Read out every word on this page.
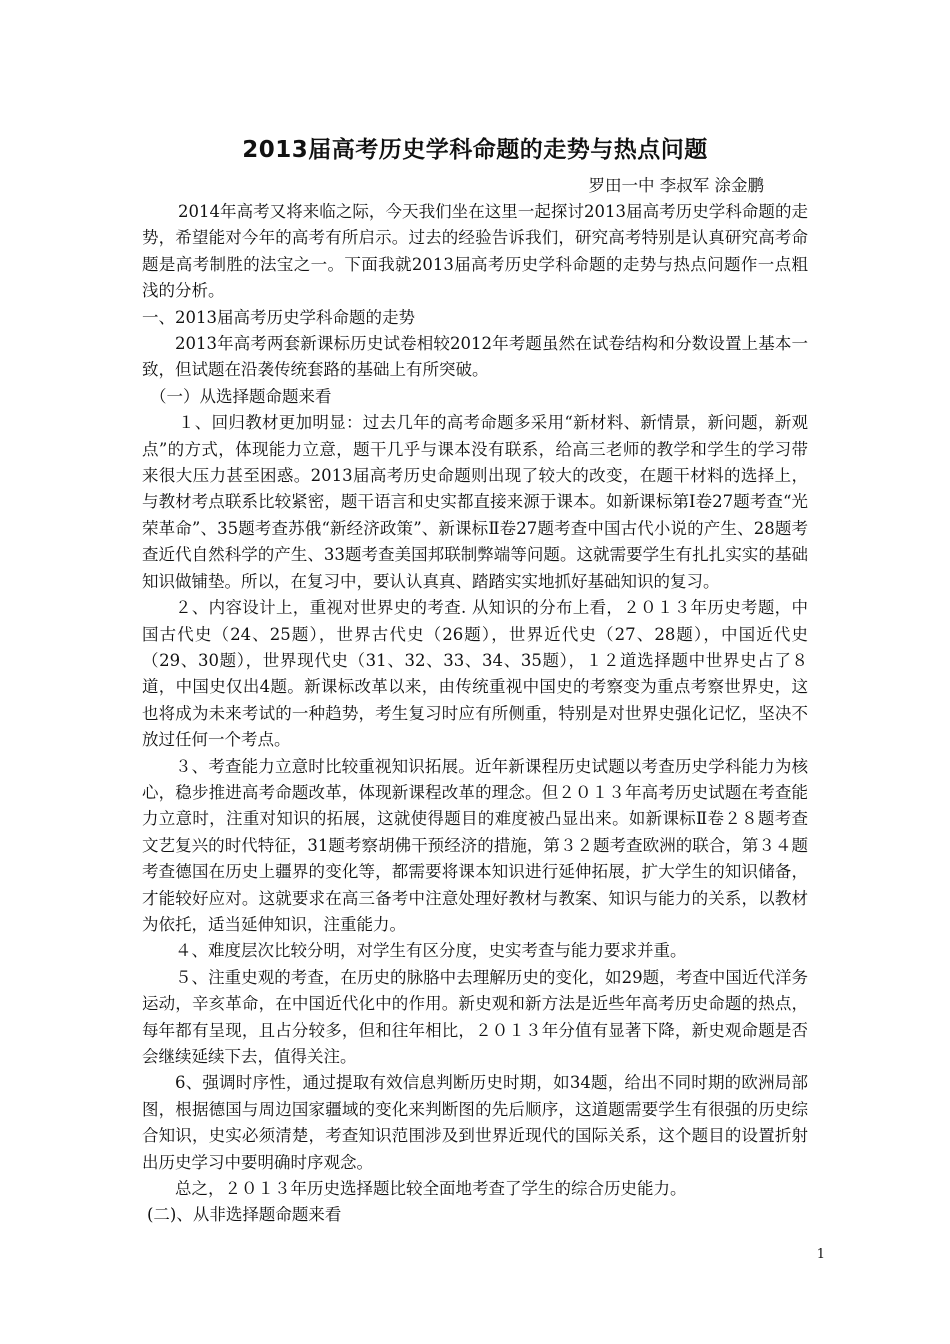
2013届高考历史学科命题的走势与热点问题

罗田一中 李叔军 涂金鹏

2014年高考又将来临之际，今天我们坐在这里一起探讨2013届高考历史学科命题的走势，希望能对今年的高考有所启示。过去的经验告诉我们，研究高考特别是认真研究高考命题是高考制胜的法宝之一。下面我就2013届高考历史学科命题的走势与热点问题作一点粗浅的分析。

一、2013届高考历史学科命题的走势

2013年高考两套新课标历史试卷相较2012年考题虽然在试卷结构和分数设置上基本一致，但试题在沿袭传统套路的基础上有所突破。

（一）从选择题命题来看

１、回归教材更加明显：过去几年的高考命题多采用“新材料、新情景，新问题，新观点”的方式，体现能力立意，题干几乎与课本没有联系，给高三老师的教学和学生的学习带来很大压力甚至困惑。2013届高考历史命题则出现了较大的改变，在题干材料的选择上，与教材考点联系比较紧密，题干语言和史实都直接来源于课本。如新课标第Ⅰ卷27题考查“光荣革命”、35题考查苏俄“新经济政策”、新课标Ⅱ卷27题考查中国古代小说的产生、28题考查近代自然科学的产生、33题考查美国邦联制弊端等问题。这就需要学生有扎扎实实的基础知识做铺垫。所以，在复习中，要认认真真、踏踏实实地抓好基础知识的复习。

２、内容设计上，重视对世界史的考查. 从知识的分布上看，２０１３年历史考题，中国古代史（24、25题），世界古代史（26题），世界近代史（27、28题），中国近代史（29、30题），世界现代史（31、32、33、34、35题），１２道选择题中世界史占了８道，中国史仅出4题。新课标改革以来，由传统重视中国史的考察变为重点考察世界史，这也将成为未来考试的一种趋势，考生复习时应有所侧重，特别是对世界史强化记忆，坚决不放过任何一个考点。

３、考查能力立意时比较重视知识拓展。近年新课程历史试题以考查历史学科能力为核心，稳步推进高考命题改革，体现新课程改革的理念。但２０１３年高考历史试题在考查能力立意时，注重对知识的拓展，这就使得题目的难度被凸显出来。如新课标Ⅱ卷２８题考查文艺复兴的时代特征，31题考察胡佛干预经济的措施，第３２题考查欧洲的联合，第３４题考查德国在历史上疆界的变化等，都需要将课本知识进行延伸拓展，扩大学生的知识储备，才能较好应对。这就要求在高三备考中注意处理好教材与教案、知识与能力的关系，以教材为依托，适当延伸知识，注重能力。

４、难度层次比较分明，对学生有区分度，史实考查与能力要求并重。

５、注重史观的考查，在历史的脉胳中去理解历史的变化，如29题，考查中国近代洋务运动，辛亥革命，在中国近代化中的作用。新史观和新方法是近些年高考历史命题的热点，每年都有呈现，且占分较多，但和往年相比，２０１３年分值有显著下降，新史观命题是否会继续延续下去，值得关注。

6、强调时序性，通过提取有效信息判断历史时期，如34题，给出不同时期的欧洲局部图，根据德国与周边国家疆域的变化来判断图的先后顺序，这道题需要学生有很强的历史综合知识，史实必须清楚，考查知识范围涉及到世界近现代的国际关系，这个题目的设置折射出历史学习中要明确时序观念。

总之，２０１３年历史选择题比较全面地考查了学生的综合历史能力。

(二)、从非选择题命题来看

1
